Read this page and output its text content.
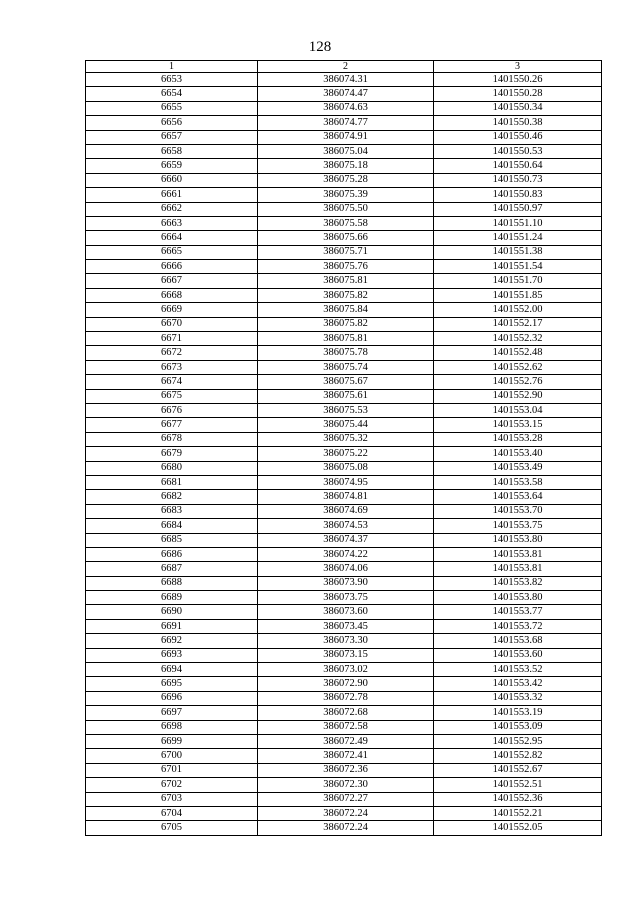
128
1	2	3
6653	386074.31	1401550.26
6654	386074.47	1401550.28
6655	386074.63	1401550.34
6656	386074.77	1401550.38
6657	386074.91	1401550.46
6658	386075.04	1401550.53
6659	386075.18	1401550.64
6660	386075.28	1401550.73
6661	386075.39	1401550.83
6662	386075.50	1401550.97
6663	386075.58	1401551.10
6664	386075.66	1401551.24
6665	386075.71	1401551.38
6666	386075.76	1401551.54
6667	386075.81	1401551.70
6668	386075.82	1401551.85
6669	386075.84	1401552.00
6670	386075.82	1401552.17
6671	386075.81	1401552.32
6672	386075.78	1401552.48
6673	386075.74	1401552.62
6674	386075.67	1401552.76
6675	386075.61	1401552.90
6676	386075.53	1401553.04
6677	386075.44	1401553.15
6678	386075.32	1401553.28
6679	386075.22	1401553.40
6680	386075.08	1401553.49
6681	386074.95	1401553.58
6682	386074.81	1401553.64
6683	386074.69	1401553.70
6684	386074.53	1401553.75
6685	386074.37	1401553.80
6686	386074.22	1401553.81
6687	386074.06	1401553.81
6688	386073.90	1401553.82
6689	386073.75	1401553.80
6690	386073.60	1401553.77
6691	386073.45	1401553.72
6692	386073.30	1401553.68
6693	386073.15	1401553.60
6694	386073.02	1401553.52
6695	386072.90	1401553.42
6696	386072.78	1401553.32
6697	386072.68	1401553.19
6698	386072.58	1401553.09
6699	386072.49	1401552.95
6700	386072.41	1401552.82
6701	386072.36	1401552.67
6702	386072.30	1401552.51
6703	386072.27	1401552.36
6704	386072.24	1401552.21
6705	386072.24	1401552.05
